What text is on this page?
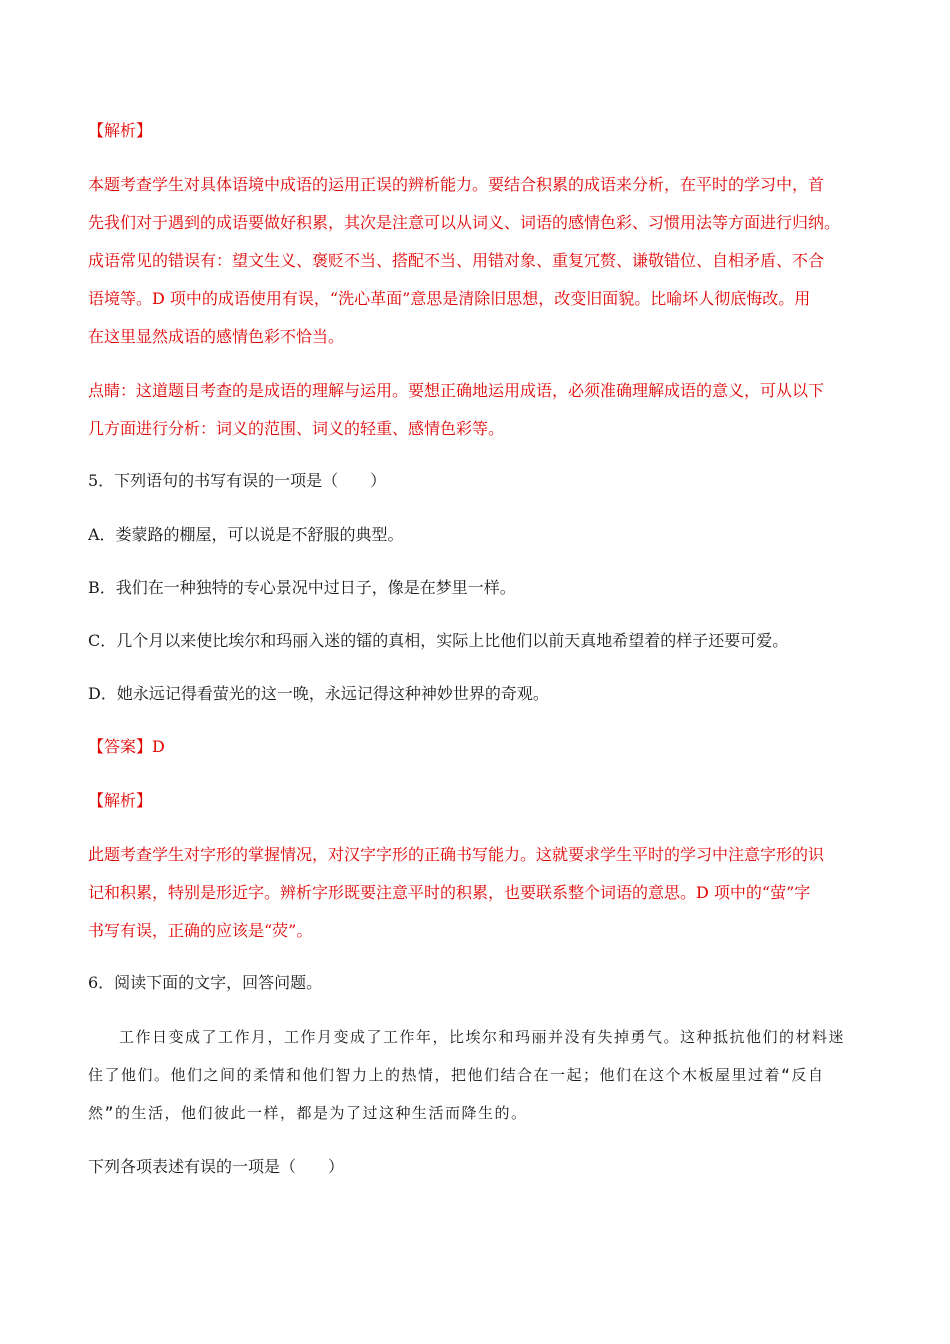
【解析】
本题考查学生对具体语境中成语的运用正误的辨析能力。要结合积累的成语来分析，在平时的学习中，首
先我们对于遇到的成语要做好积累，其次是注意可以从词义、词语的感情色彩、习惯用法等方面进行归纳。
成语常见的错误有：望文生义、褒贬不当、搭配不当、用错对象、重复冗赘、谦敬错位、自相矛盾、不合
语境等。D 项中的成语使用有误，“洗心革面”意思是清除旧思想，改变旧面貌。比喻坏人彻底悔改。用
在这里显然成语的感情色彩不恰当。
点睛：这道题目考查的是成语的理解与运用。要想正确地运用成语，必须准确理解成语的意义，可从以下
几方面进行分析：词义的范围、词义的轻重、感情色彩等。
5．下列语句的书写有误的一项是（　　）
A．娄蒙路的棚屋，可以说是不舒服的典型。
B．我们在一种独特的专心景况中过日子，像是在梦里一样。
C．几个月以来使比埃尔和玛丽入迷的镭的真相，实际上比他们以前天真地希望着的样子还要可爱。
D．她永远记得看萤光的这一晚，永远记得这种神妙世界的奇观。
【答案】D
【解析】
此题考查学生对字形的掌握情况，对汉字字形的正确书写能力。这就要求学生平时的学习中注意字形的识
记和积累，特别是形近字。辨析字形既要注意平时的积累，也要联系整个词语的意思。D 项中的“萤”字
书写有误，正确的应该是“荧”。
6．阅读下面的文字，回答问题。
工作日变成了工作月，工作月变成了工作年，比埃尔和玛丽并没有失掉勇气。这种抵抗他们的材料迷
住了他们。他们之间的柔情和他们智力上的热情，把他们结合在一起；他们在这个木板屋里过着“反自
然”的生活，他们彼此一样，都是为了过这种生活而降生的。
下列各项表述有误的一项是（　　）
